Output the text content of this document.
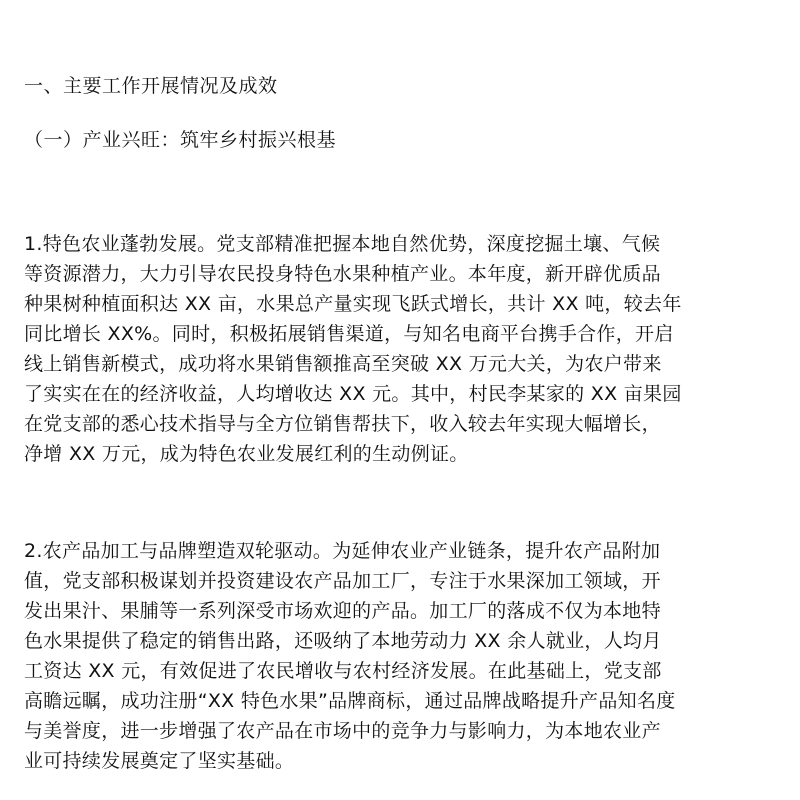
一、主要工作开展情况及成效
（一）产业兴旺：筑牢乡村振兴根基
1.特色农业蓬勃发展。党支部精准把握本地自然优势，深度挖掘土壤、气候
等资源潜力，大力引导农民投身特色水果种植产业。本年度，新开辟优质品
种果树种植面积达 XX 亩，水果总产量实现飞跃式增长，共计 XX 吨，较去年
同比增长 XX%。同时，积极拓展销售渠道，与知名电商平台携手合作，开启
线上销售新模式，成功将水果销售额推高至突破 XX 万元大关，为农户带来
了实实在在的经济收益，人均增收达 XX 元。其中，村民李某家的 XX 亩果园
在党支部的悉心技术指导与全方位销售帮扶下，收入较去年实现大幅增长，
净增 XX 万元，成为特色农业发展红利的生动例证。
2.农产品加工与品牌塑造双轮驱动。为延伸农业产业链条，提升农产品附加
值，党支部积极谋划并投资建设农产品加工厂，专注于水果深加工领域，开
发出果汁、果脯等一系列深受市场欢迎的产品。加工厂的落成不仅为本地特
色水果提供了稳定的销售出路，还吸纳了本地劳动力 XX 余人就业，人均月
工资达 XX 元，有效促进了农民增收与农村经济发展。在此基础上，党支部
高瞻远瞩，成功注册“XX 特色水果”品牌商标，通过品牌战略提升产品知名度
与美誉度，进一步增强了农产品在市场中的竞争力与影响力，为本地农业产
业可持续发展奠定了坚实基础。
